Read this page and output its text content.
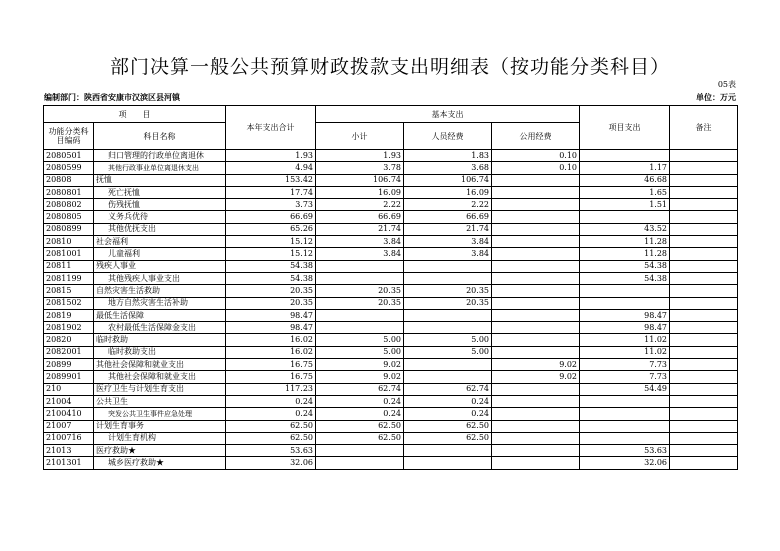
部门决算一般公共预算财政拨款支出明细表（按功能分类科目）
05表
编制部门：陕西省安康市汉滨区县河镇	单位：万元
项　　目		本年支出合计	基本支出			项目支出	备注
功能分类科目编码	科目名称		小计	人员经费	公用经费		
2080501	归口管理的行政单位离退休	1.93	1.93	1.83	0.10		
2080599	其他行政事业单位离退休支出	4.94	3.78	3.68	0.10	1.17	
20808	抚恤	153.42	106.74	106.74		46.68	
2080801	死亡抚恤	17.74	16.09	16.09		1.65	
2080802	伤残抚恤	3.73	2.22	2.22		1.51	
2080805	义务兵优待	66.69	66.69	66.69			
2080899	其他优抚支出	65.26	21.74	21.74		43.52	
20810	社会福利	15.12	3.84	3.84		11.28	
2081001	儿童福利	15.12	3.84	3.84		11.28	
20811	残疾人事业	54.38				54.38	
2081199	其他残疾人事业支出	54.38				54.38	
20815	自然灾害生活救助	20.35	20.35	20.35			
2081502	地方自然灾害生活补助	20.35	20.35	20.35			
20819	最低生活保障	98.47				98.47	
2081902	农村最低生活保障金支出	98.47				98.47	
20820	临时救助	16.02	5.00	5.00		11.02	
2082001	临时救助支出	16.02	5.00	5.00		11.02	
20899	其他社会保障和就业支出	16.75	9.02		9.02	7.73	
2089901	其他社会保障和就业支出	16.75	9.02		9.02	7.73	
210	医疗卫生与计划生育支出	117.23	62.74	62.74		54.49	
21004	公共卫生	0.24	0.24	0.24			
2100410	突发公共卫生事件应急处理	0.24	0.24	0.24			
21007	计划生育事务	62.50	62.50	62.50			
2100716	计划生育机构	62.50	62.50	62.50			
21013	医疗救助★	53.63				53.63	
2101301	城乡医疗救助★	32.06				32.06	
